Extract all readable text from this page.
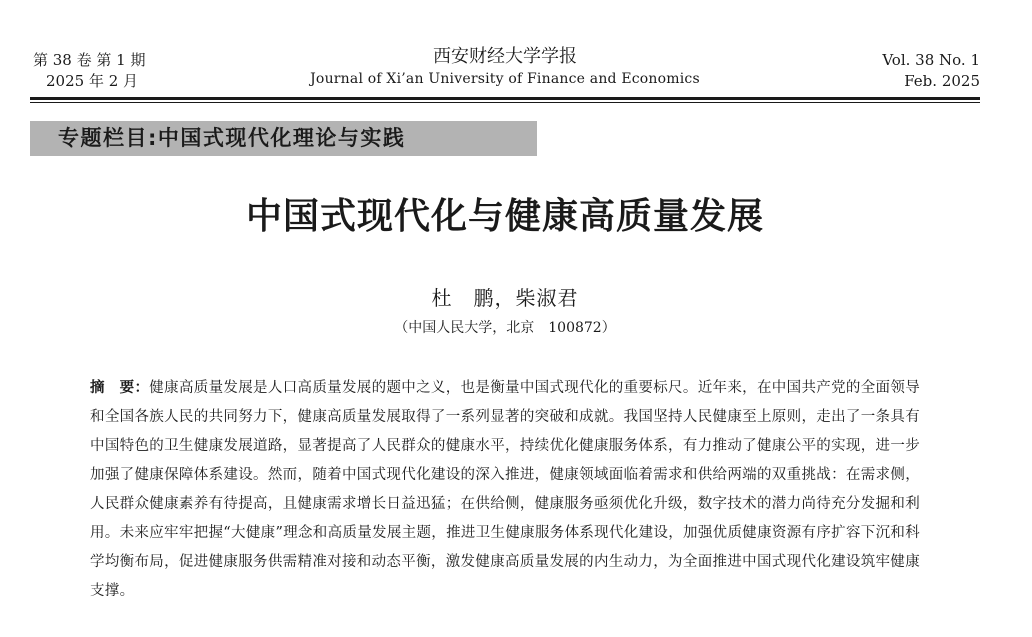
第 38 卷 第 1 期
2025 年 2 月
西安财经大学学报
Journal of Xi’an University of Finance and Economics
Vol. 38 No. 1
Feb. 2025
专题栏目:中国式现代化理论与实践
中国式现代化与健康高质量发展
杜　鹏，柴淑君
（中国人民大学，北京　100872）
摘　要：健康高质量发展是人口高质量发展的题中之义，也是衡量中国式现代化的重要标尺。近年来，在中国共产党的全面领导和全国各族人民的共同努力下，健康高质量发展取得了一系列显著的突破和成就。我国坚持人民健康至上原则，走出了一条具有中国特色的卫生健康发展道路，显著提高了人民群众的健康水平，持续优化健康服务体系，有力推动了健康公平的实现，进一步加强了健康保障体系建设。然而，随着中国式现代化建设的深入推进，健康领域面临着需求和供给两端的双重挑战：在需求侧，人民群众健康素养有待提高，且健康需求增长日益迅猛；在供给侧，健康服务亟须优化升级，数字技术的潜力尚待充分发掘和利用。未来应牢牢把握“大健康”理念和高质量发展主题，推进卫生健康服务体系现代化建设，加强优质健康资源有序扩容下沉和科学均衡布局，促进健康服务供需精准对接和动态平衡，激发健康高质量发展的内生动力，为全面推进中国式现代化建设筑牢健康支撑。
